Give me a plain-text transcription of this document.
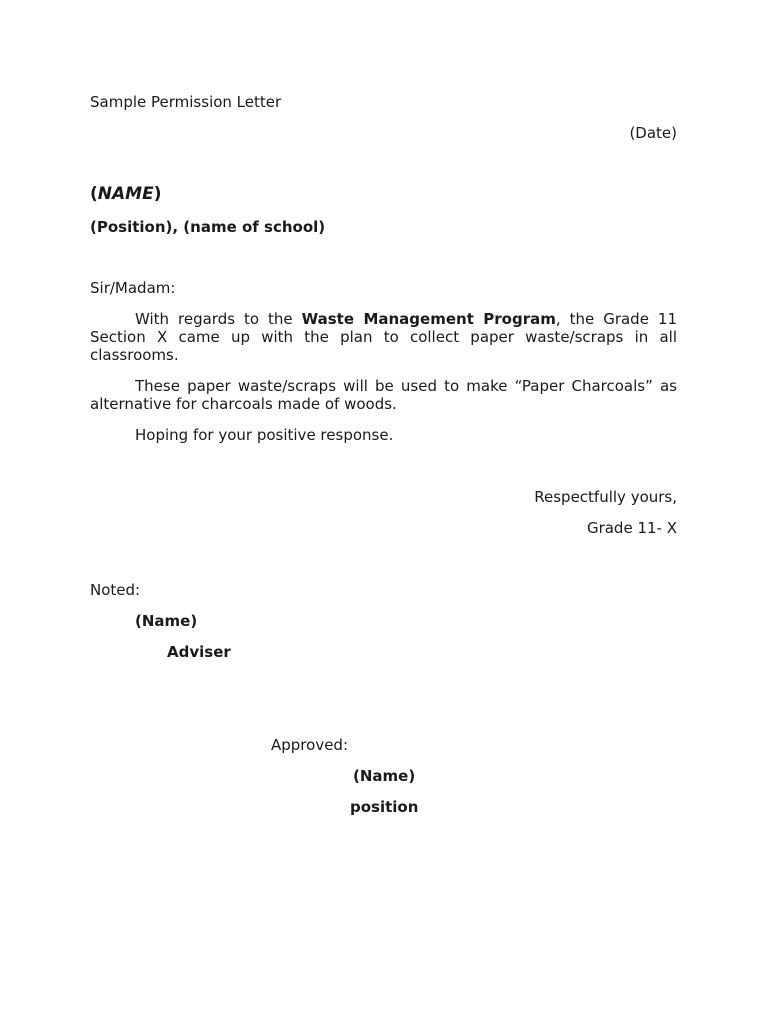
Sample Permission Letter
(Date)
(NAME)
(Position), (name of school)
Sir/Madam:
With regards to the Waste Management Program, the Grade 11 Section X came up with the plan to collect paper waste/scraps in all classrooms.
These paper waste/scraps will be used to make “Paper Charcoals” as alternative for charcoals made of woods.
Hoping for your positive response.
Respectfully yours,
Grade 11- X
Noted:
(Name)
Adviser
Approved:
(Name)
position
